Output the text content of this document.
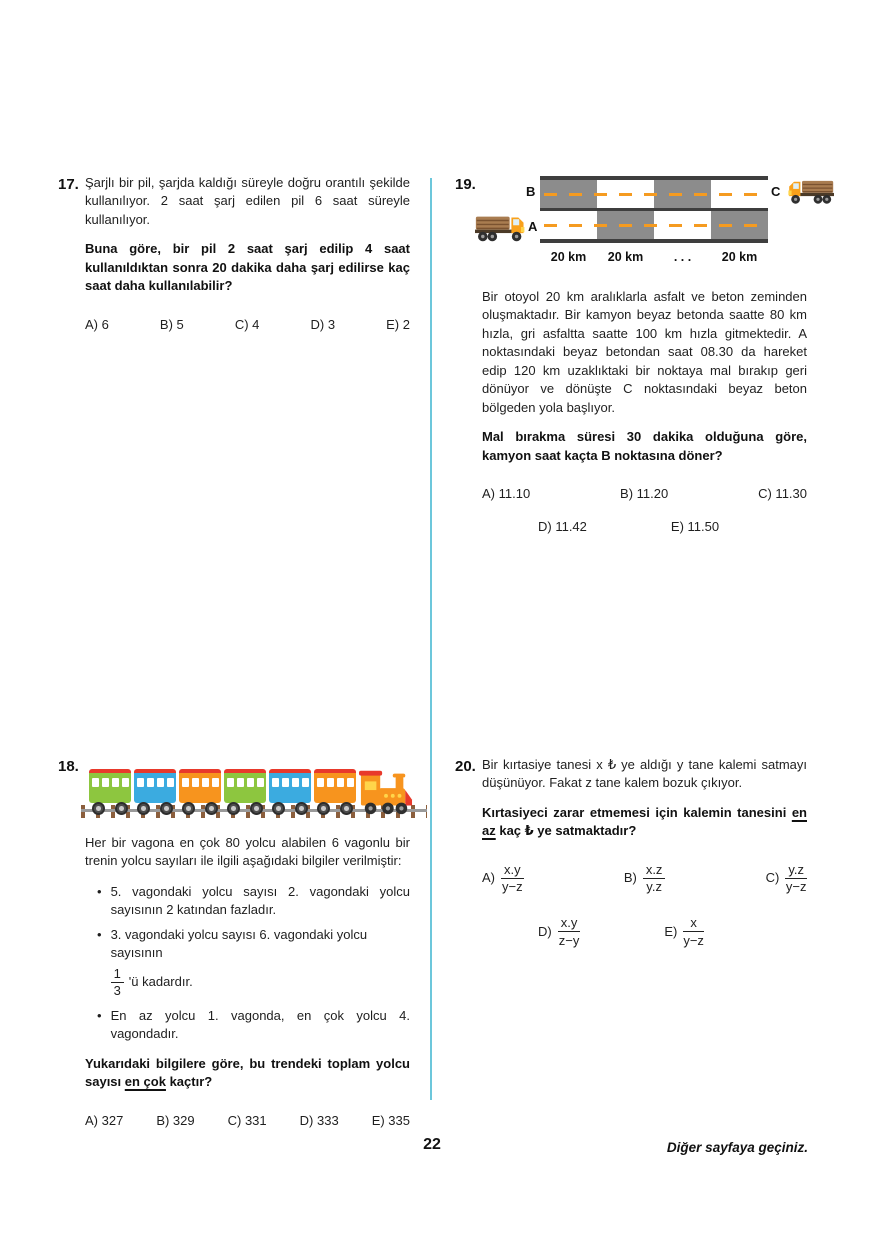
17. Şarjlı bir pil, şarjda kaldığı süreyle doğru orantılı şekilde kullanılıyor. 2 saat şarj edilen pil 6 saat süreyle kullanılıyor.
Buna göre, bir pil 2 saat şarj edilip 4 saat kullanıldıktan sonra 20 dakika daha şarj edilirse kaç saat daha kullanılabilir?
A) 6	B) 5	C) 4	D) 3	E) 2
19.
A
B	C
20 km	20 km	. . .	20 km
Bir otoyol 20 km aralıklarla asfalt ve beton zeminden oluşmaktadır. Bir kamyon beyaz betonda saatte 80 km hızla, gri asfaltta saatte 100 km hızla gitmektedir. A noktasındaki beyaz betondan saat 08.30 da hareket edip 120 km uzaklıktaki bir noktaya mal bırakıp geri dönüyor ve dönüşte C noktasındaki beyaz beton bölgeden yola başlıyor.
Mal bırakma süresi 30 dakika olduğuna göre, kamyon saat kaçta B noktasına döner?
A) 11.10	B) 11.20	C) 11.30
D) 11.42	E) 11.50
18.
Her bir vagona en çok 80 yolcu alabilen 6 vagonlu bir trenin yolcu sayıları ile ilgili aşağıdaki bilgiler verilmiştir:
• 5. vagondaki yolcu sayısı 2. vagondaki yolcu sayısının 2 katından fazladır.
• 3. vagondaki yolcu sayısı 6. vagondaki yolcu sayısının
$\frac{1}{3}$ 'ü kadardır.
• En az yolcu 1. vagonda, en çok yolcu 4. vagondadır.
Yukarıdaki bilgilere göre, bu trendeki toplam yolcu sayısı en çok kaçtır?
A) 327	B) 329	C) 331	D) 333	E) 335
20. Bir kırtasiye tanesi x ₺ ye aldığı y tane kalemi satmayı düşünüyor. Fakat z tane kalem bozuk çıkıyor.
Kırtasiyeci zarar etmemesi için kalemin tanesini en az kaç ₺ ye satmaktadır?
$A) \frac{x.y}{y-z}$	$B) \frac{x.z}{y.z}$	$C) \frac{y.z}{y-z}$
$D) \frac{x.y}{z-y}$	$E) \frac{x}{y-z}$
22	Diğer sayfaya geçiniz.
